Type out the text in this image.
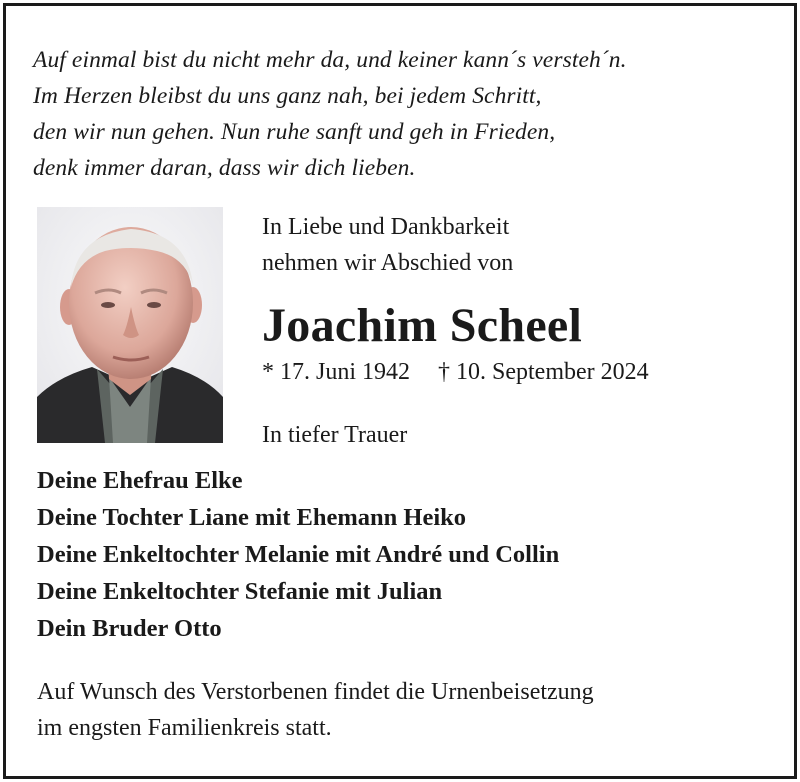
Auf einmal bist du nicht mehr da, und keiner kann´s versteh´n.
Im Herzen bleibst du uns ganz nah, bei jedem Schritt,
den wir nun gehen. Nun ruhe sanft und geh in Frieden,
denk immer daran, dass wir dich lieben.
In Liebe und Dankbarkeit
nehmen wir Abschied von
Joachim Scheel
* 17. Juni 1942 † 10. September 2024
In tiefer Trauer
Deine Ehefrau Elke
Deine Tochter Liane mit Ehemann Heiko
Deine Enkeltochter Melanie mit André und Collin
Deine Enkeltochter Stefanie mit Julian
Dein Bruder Otto
Auf Wunsch des Verstorbenen findet die Urnenbeisetzung
im engsten Familienkreis statt.
